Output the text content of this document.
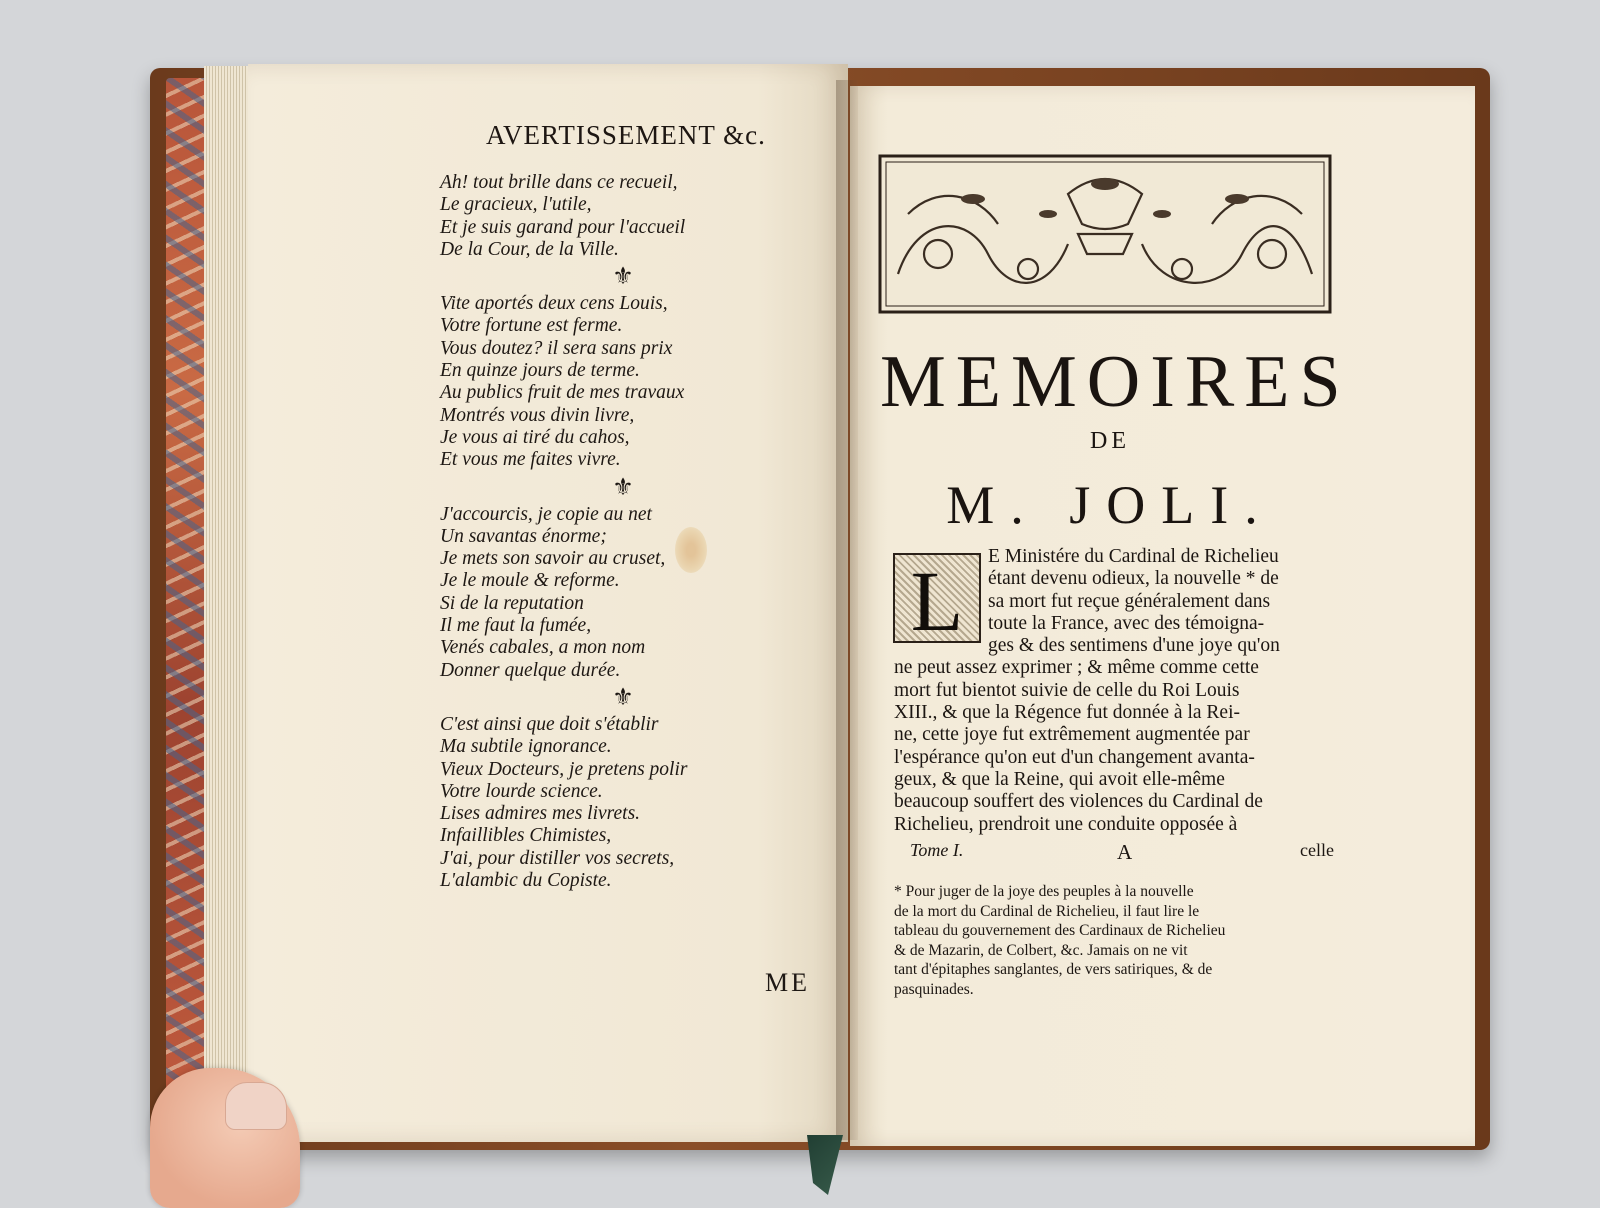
AVERTISSEMENT &c.
Ah! tout brille dans ce recueil,
Le gracieux, l'utile,
Et je suis garand pour l'accueil
De la Cour, de la Ville.
⚜
Vite aportés deux cens Louis,
Votre fortune est ferme.
Vous doutez? il sera sans prix
En quinze jours de terme.
Au publics fruit de mes travaux
Montrés vous divin livre,
Je vous ai tiré du cahos,
Et vous me faites vivre.
⚜
J'accourcis, je copie au net
Un savantas énorme;
Je mets son savoir au cruset,
Je le moule & reforme.
Si de la reputation
Il me faut la fumée,
Venés cabales, a mon nom
Donner quelque durée.
⚜
C'est ainsi que doit s'établir
Ma subtile ignorance.
Vieux Docteurs, je pretens polir
Votre lourde science.
Lises admires mes livrets.
Infaillibles Chimistes,
J'ai, pour distiller vos secrets,
L'alambic du Copiste.
ME
MEMOIRES
DE
M. JOLI.
L	E Ministére du Cardinal de Richelieu
étant devenu odieux, la nouvelle * de
sa mort fut reçue généralement dans
toute la France, avec des témoigna-
ges & des sentimens d'une joye qu'on
ne peut assez exprimer ; & même comme cette
mort fut bientot suivie de celle du Roi Louis
XIII., & que la Régence fut donnée à la Rei-
ne, cette joye fut extrêmement augmentée par
l'espérance qu'on eut d'un changement avanta-
geux, & que la Reine, qui avoit elle-même
beaucoup souffert des violences du Cardinal de
Richelieu, prendroit une conduite opposée à
Tome I.	A	celle
* Pour juger de la joye des peuples à la nouvelle
de la mort du Cardinal de Richelieu, il faut lire le
tableau du gouvernement des Cardinaux de Richelieu
& de Mazarin, de Colbert, &c. Jamais on ne vit
tant d'épitaphes sanglantes, de vers satiriques, & de
pasquinades.
